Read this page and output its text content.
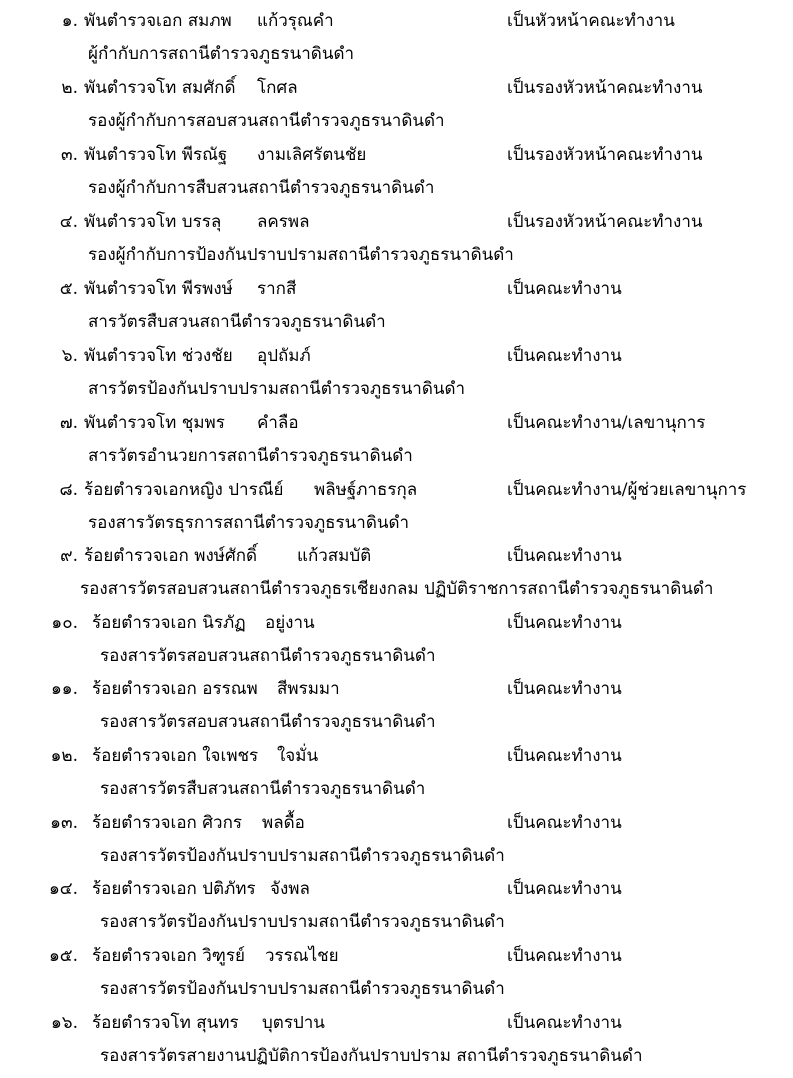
๑. พันตำรวจเอก สมภพ แก้วรุณคำ	เป็นหัวหน้าคณะทำงาน
ผู้กำกับการสถานีตำรวจภูธรนาดินดำ
๒. พันตำรวจโท สมศักดิ์ โกศล	เป็นรองหัวหน้าคณะทำงาน
รองผู้กำกับการสอบสวนสถานีตำรวจภูธรนาดินดำ
๓. พันตำรวจโท พีรณัฐ งามเลิศรัตนชัย	เป็นรองหัวหน้าคณะทำงาน
รองผู้กำกับการสืบสวนสถานีตำรวจภูธรนาดินดำ
๔. พันตำรวจโท บรรลุ ลครพล	เป็นรองหัวหน้าคณะทำงาน
รองผู้กำกับการป้องกันปราบปรามสถานีตำรวจภูธรนาดินดำ
๕. พันตำรวจโท พีรพงษ์ รากสี	เป็นคณะทำงาน
สารวัตรสืบสวนสถานีตำรวจภูธรนาดินดำ
๖. พันตำรวจโท ช่วงชัย อุปถัมภ์	เป็นคณะทำงาน
สารวัตรป้องกันปราบปรามสถานีตำรวจภูธรนาดินดำ
๗. พันตำรวจโท ชุมพร คำลือ	เป็นคณะทำงาน/เลขานุการ
สารวัตรอำนวยการสถานีตำรวจภูธรนาดินดำ
๘. ร้อยตำรวจเอกหญิง ปารณีย์ พลิษฐ์ภาธรกุล	เป็นคณะทำงาน/ผู้ช่วยเลขานุการ
รองสารวัตรธุรการสถานีตำรวจภูธรนาดินดำ
๙. ร้อยตำรวจเอก พงษ์ศักดิ์ แก้วสมบัติ	เป็นคณะทำงาน
รองสารวัตรสอบสวนสถานีตำรวจภูธรเชียงกลม ปฏิบัติราชการสถานีตำรวจภูธรนาดินดำ
๑๐. ร้อยตำรวจเอก นิรภัฏ อยู่งาน	เป็นคณะทำงาน
รองสารวัตรสอบสวนสถานีตำรวจภูธรนาดินดำ
๑๑. ร้อยตำรวจเอก อรรณพ สีพรมมา	เป็นคณะทำงาน
รองสารวัตรสอบสวนสถานีตำรวจภูธรนาดินดำ
๑๒. ร้อยตำรวจเอก ใจเพชร ใจมั่น	เป็นคณะทำงาน
รองสารวัตรสืบสวนสถานีตำรวจภูธรนาดินดำ
๑๓. ร้อยตำรวจเอก ศิวกร พลดื้อ	เป็นคณะทำงาน
รองสารวัตรป้องกันปราบปรามสถานีตำรวจภูธรนาดินดำ
๑๔. ร้อยตำรวจเอก ปติภัทร จังพล	เป็นคณะทำงาน
รองสารวัตรป้องกันปราบปรามสถานีตำรวจภูธรนาดินดำ
๑๕. ร้อยตำรวจเอก วิฑูรย์ วรรณไชย	เป็นคณะทำงาน
รองสารวัตรป้องกันปราบปรามสถานีตำรวจภูธรนาดินดำ
๑๖. ร้อยตำรวจโท สุนทร บุตรปาน	เป็นคณะทำงาน
รองสารวัตรสายงานปฏิบัติการป้องกันปราบปราม สถานีตำรวจภูธรนาดินดำ
